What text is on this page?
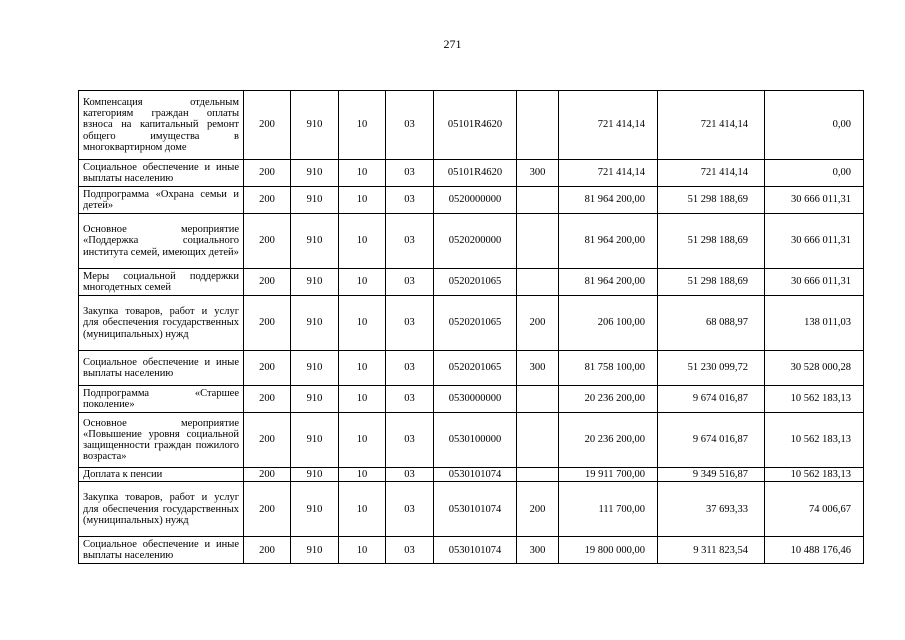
271
Компенсация отдельным категориям граждан оплаты взноса на капитальный ремонт общего имущества в многоквартирном доме	200	910	10	03	05101R4620		721 414,14	721 414,14	0,00
Социальное обеспечение и иные выплаты населению	200	910	10	03	05101R4620	300	721 414,14	721 414,14	0,00
Подпрограмма «Охрана семьи и детей»	200	910	10	03	0520000000		81 964 200,00	51 298 188,69	30 666 011,31
Основное мероприятие «Поддержка социального института семей, имеющих детей»	200	910	10	03	0520200000		81 964 200,00	51 298 188,69	30 666 011,31
Меры социальной поддержки многодетных семей	200	910	10	03	0520201065		81 964 200,00	51 298 188,69	30 666 011,31
Закупка товаров, работ и услуг для обеспечения государственных (муниципальных) нужд	200	910	10	03	0520201065	200	206 100,00	68 088,97	138 011,03
Социальное обеспечение и иные выплаты населению	200	910	10	03	0520201065	300	81 758 100,00	51 230 099,72	30 528 000,28
Подпрограмма «Старшее поколение»	200	910	10	03	0530000000		20 236 200,00	9 674 016,87	10 562 183,13
Основное мероприятие «Повышение уровня социальной защищенности граждан пожилого возраста»	200	910	10	03	0530100000		20 236 200,00	9 674 016,87	10 562 183,13
Доплата к пенсии	200	910	10	03	0530101074		19 911 700,00	9 349 516,87	10 562 183,13
Закупка товаров, работ и услуг для обеспечения государственных (муниципальных) нужд	200	910	10	03	0530101074	200	111 700,00	37 693,33	74 006,67
Социальное обеспечение и иные выплаты населению	200	910	10	03	0530101074	300	19 800 000,00	9 311 823,54	10 488 176,46
